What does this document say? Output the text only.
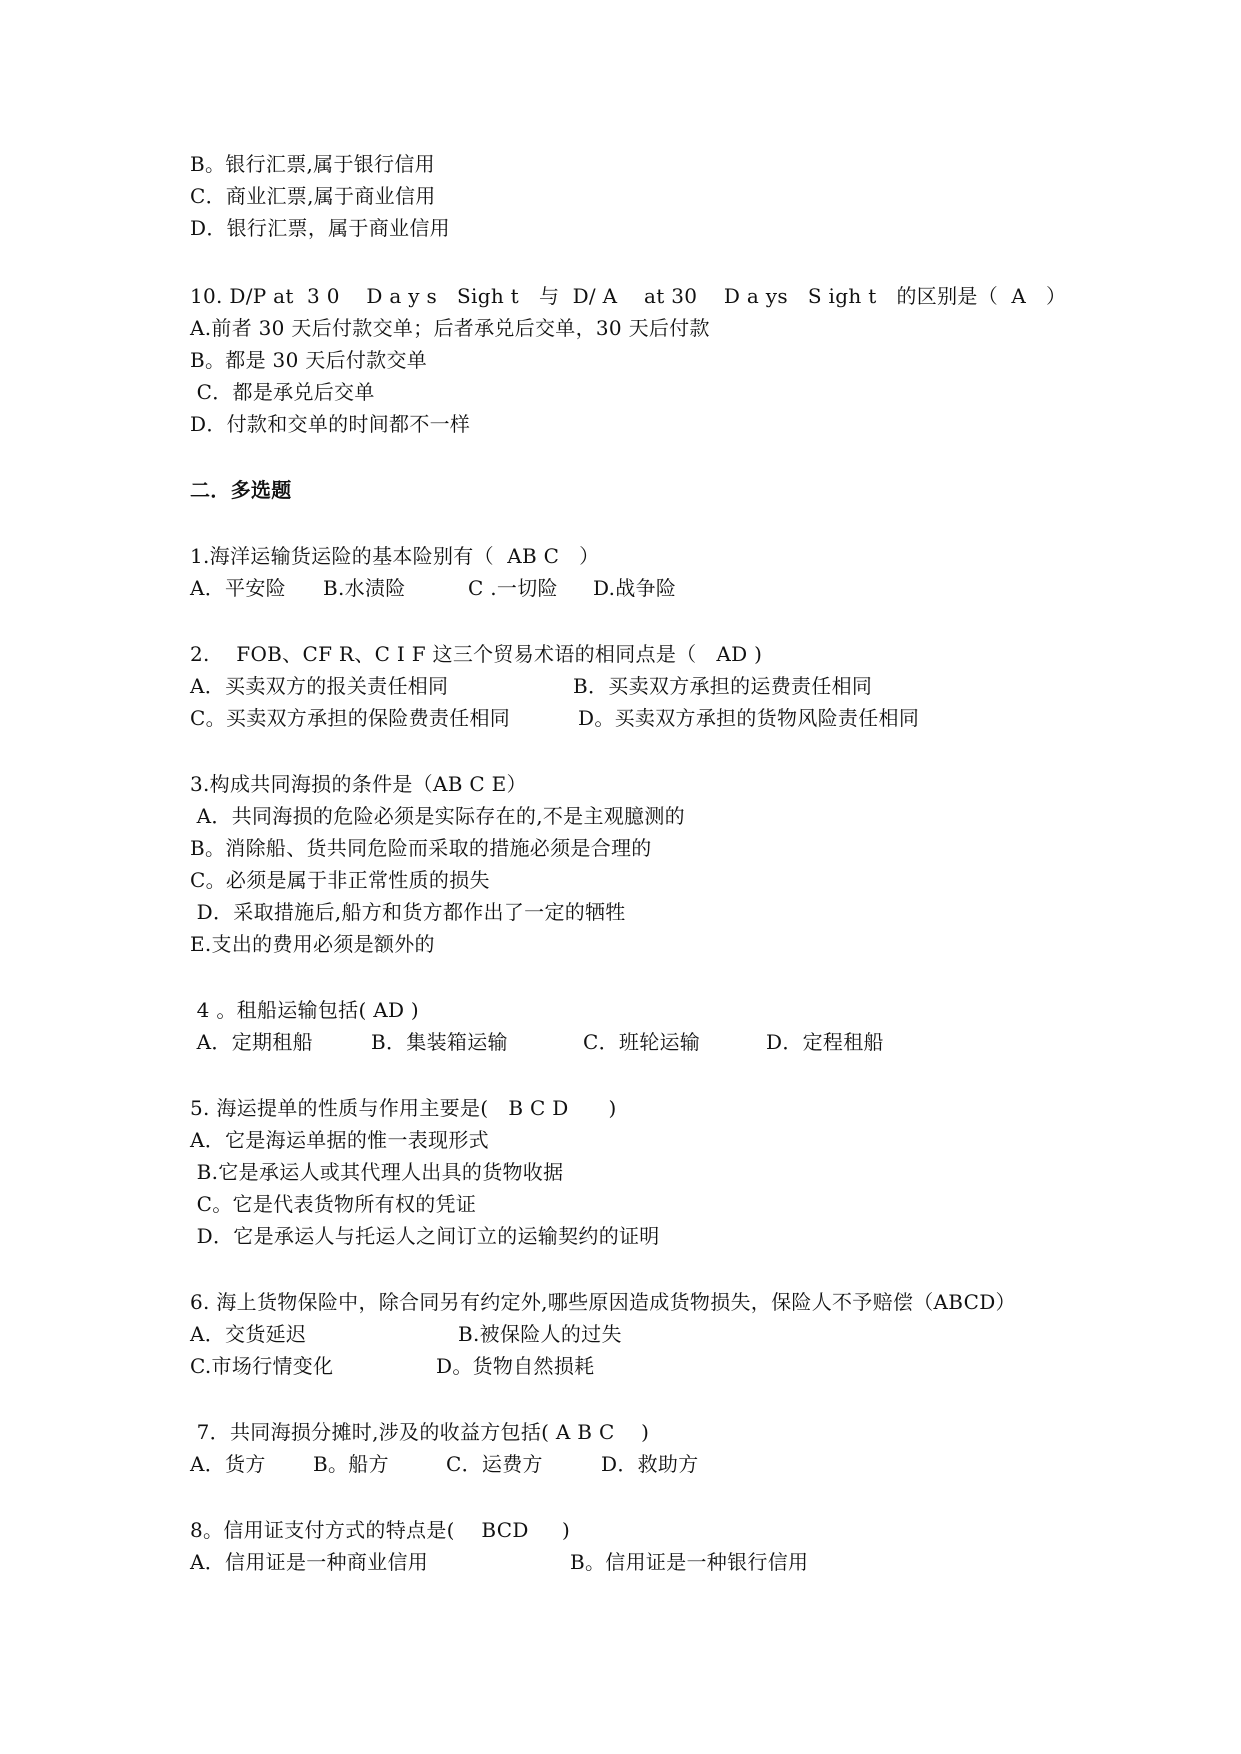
B。银行汇票,属于银行信用
C．商业汇票,属于商业信用
D．银行汇票，属于商业信用
10. D/P at  3 0    D a y s   Sigh t   与  D/ A    at 30    D a ys   S igh t   的区别是（  A   ）
A.前者 30 天后付款交单；后者承兑后交单，30 天后付款
B。都是 30 天后付款交单
C．都是承兑后交单
D．付款和交单的时间都不一样
二．多选题
1.海洋运输货运险的基本险别有（  AB C   ）
A．平安险 B.水渍险	C .一切险 D.战争险
2.    FOB、CF R、C I F 这三个贸易术语的相同点是（   AD )
A．买卖双方的报关责任相同	B．买卖双方承担的运费责任相同
C。买卖双方承担的保险费责任相同	D。买卖双方承担的货物风险责任相同
3.构成共同海损的条件是（AB C E）
A．共同海损的危险必须是实际存在的,不是主观臆测的
B。消除船、货共同危险而采取的措施必须是合理的
C。必须是属于非正常性质的损失
D．采取措施后,船方和货方都作出了一定的牺牲
E.支出的费用必须是额外的
4 。租船运输包括( AD )
A．定期租船	B．集装箱运输	C．班轮运输	D．定程租船
5. 海运提单的性质与作用主要是(   B C D      )
A．它是海运单据的惟一表现形式
B.它是承运人或其代理人出具的货物收据
C。它是代表货物所有权的凭证
D．它是承运人与托运人之间订立的运输契约的证明
6. 海上货物保险中，除合同另有约定外,哪些原因造成货物损失，保险人不予赔偿（ABCD）
A．交货延迟	B.被保险人的过失
C.市场行情变化	D。货物自然损耗
7．共同海损分摊时,涉及的收益方包括( A B C    )
A．货方 B。船方	C．运费方	D．救助方
8。信用证支付方式的特点是(    BCD     )
A．信用证是一种商业信用	B。信用证是一种银行信用
